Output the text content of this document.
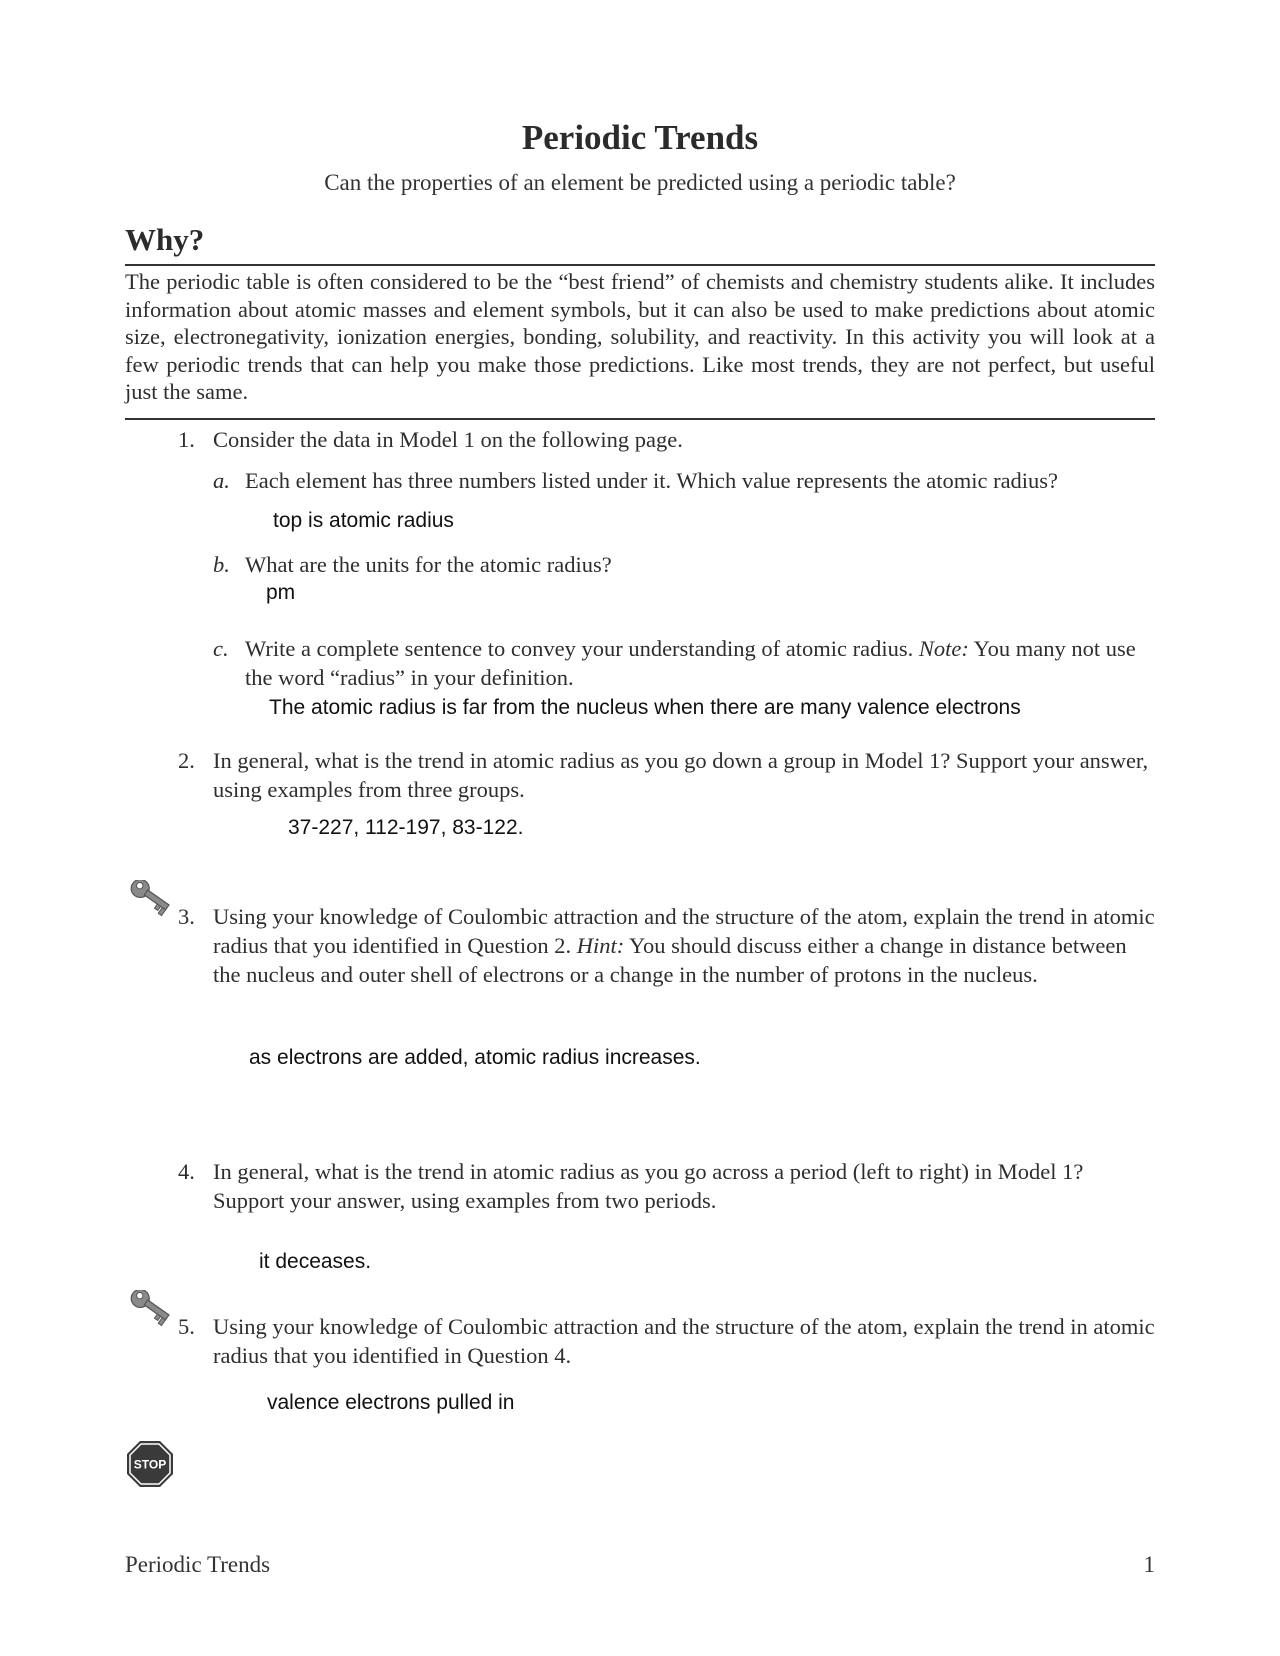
Periodic Trends

Can the properties of an element be predicted using a periodic table?

Why?

The periodic table is often considered to be the “best friend” of chemists and chemistry students alike. It includes information about atomic masses and element symbols, but it can also be used to make predictions about atomic size, electronegativity, ionization energies, bonding, solubility, and reactivity. In this activity you will look at a few periodic trends that can help you make those predictions. Like most trends, they are not perfect, but useful just the same.

1. Consider the data in Model 1 on the following page.
a. Each element has three numbers listed under it. Which value represents the atomic radius?
top is atomic radius
b. What are the units for the atomic radius?
pm
c. Write a complete sentence to convey your understanding of atomic radius. Note: You many not use the word “radius” in your definition.
The atomic radius is far from the nucleus when there are many valence electrons
2. In general, what is the trend in atomic radius as you go down a group in Model 1? Support your answer, using examples from three groups.
37-227, 112-197, 83-122.
3. Using your knowledge of Coulombic attraction and the structure of the atom, explain the trend in atomic radius that you identified in Question 2. Hint: You should discuss either a change in distance between the nucleus and outer shell of electrons or a change in the number of protons in the nucleus.
as electrons are added, atomic radius increases.
4. In general, what is the trend in atomic radius as you go across a period (left to right) in Model 1? Support your answer, using examples from two periods.
it deceases.
5. Using your knowledge of Coulombic attraction and the structure of the atom, explain the trend in atomic radius that you identified in Question 4.
valence electrons pulled in
STOP
Periodic Trends	1
